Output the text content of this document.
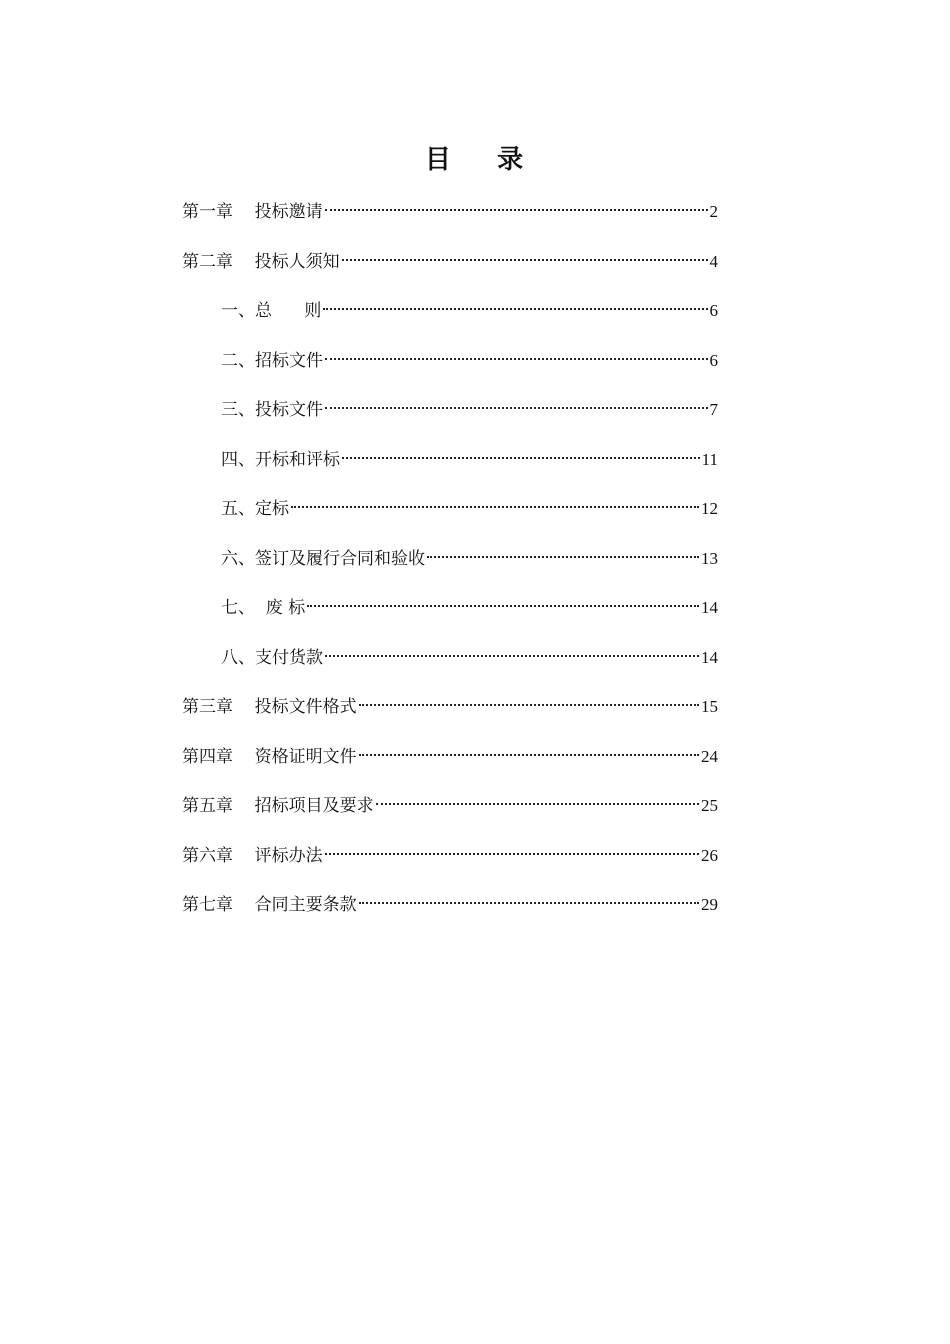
目    录
第一章    投标邀请	2
第二章    投标人须知	4
一、总      则	6
二、招标文件	6
三、投标文件	7
四、开标和评标	11
五、定标	12
六、签订及履行合同和验收	13
七、  废 标	14
八、支付货款	14
第三章    投标文件格式	15
第四章    资格证明文件	24
第五章    招标项目及要求	25
第六章    评标办法	26
第七章    合同主要条款	29
